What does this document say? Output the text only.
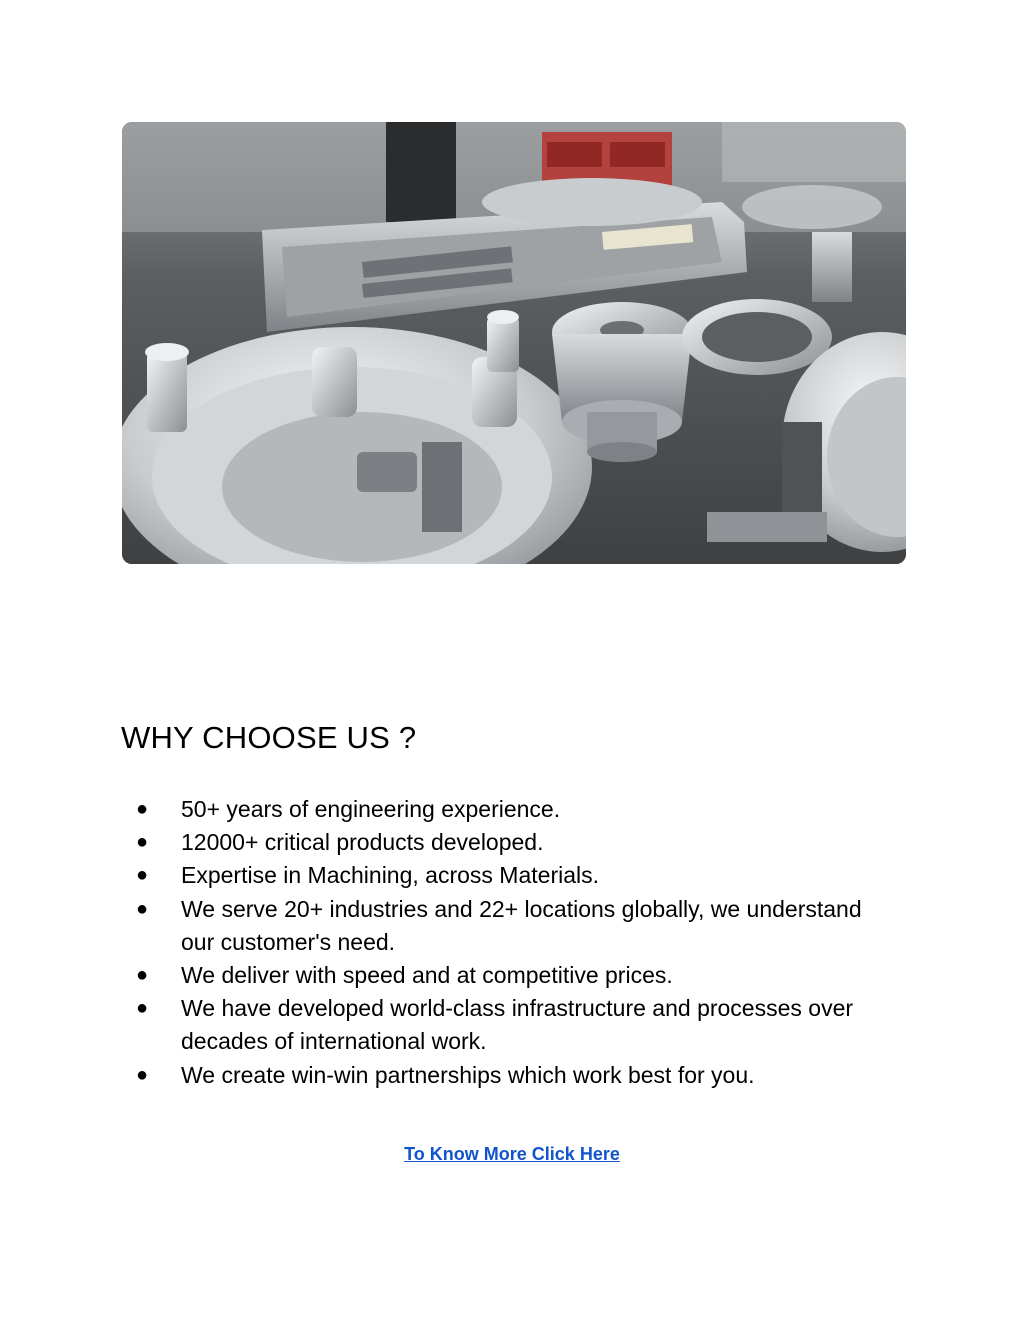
WHY CHOOSE US ?
● 50+ years of engineering experience.
● 12000+ critical products developed.
● Expertise in Machining, across Materials.
● We serve 20+ industries and 22+ locations globally, we understand our customer's need.
● We deliver with speed and at competitive prices.
● We have developed world-class infrastructure and processes over decades of international work.
● We create win-win partnerships which work best for you.
To Know More Click Here
